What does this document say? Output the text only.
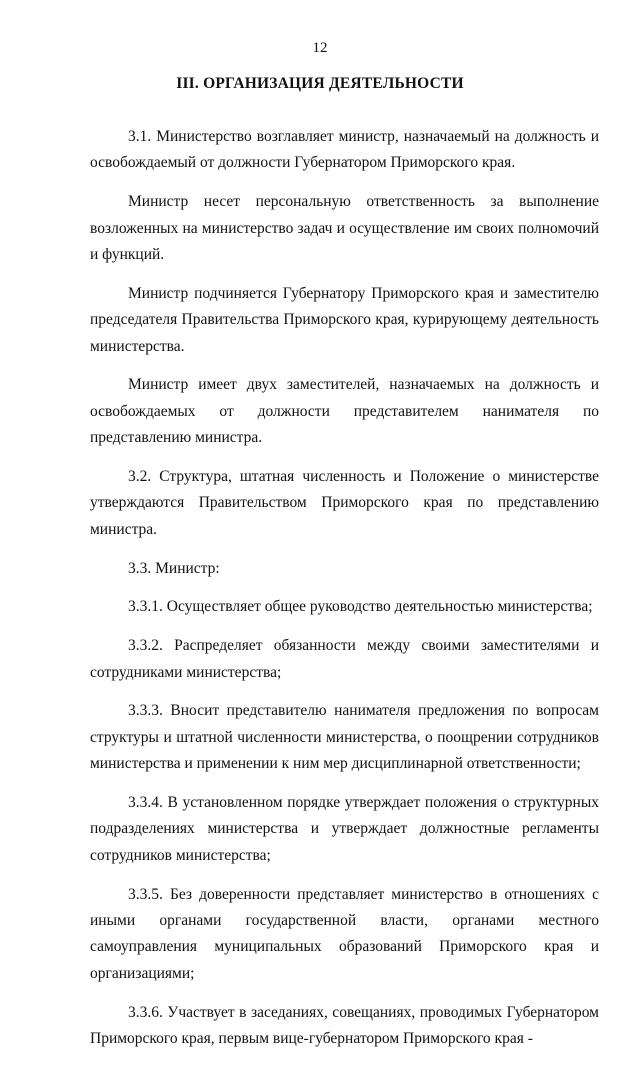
12
III. ОРГАНИЗАЦИЯ ДЕЯТЕЛЬНОСТИ

3.1. Министерство возглавляет министр, назначаемый на должность и освобождаемый от должности Губернатором Приморского края.

Министр несет персональную ответственность за выполнение возложенных на министерство задач и осуществление им своих полномочий и функций.

Министр подчиняется Губернатору Приморского края и заместителю председателя Правительства Приморского края, курирующему деятельность министерства.

Министр имеет двух заместителей, назначаемых на должность и освобождаемых от должности представителем нанимателя по представлению министра.

3.2. Структура, штатная численность и Положение о министерстве утверждаются Правительством Приморского края по представлению министра.

3.3. Министр:

3.3.1. Осуществляет общее руководство деятельностью министерства;

3.3.2. Распределяет обязанности между своими заместителями и сотрудниками министерства;

3.3.3. Вносит представителю нанимателя предложения по вопросам структуры и штатной численности министерства, о поощрении сотрудников министерства и применении к ним мер дисциплинарной ответственности;

3.3.4. В установленном порядке утверждает положения о структурных подразделениях министерства и утверждает должностные регламенты сотрудников министерства;

3.3.5. Без доверенности представляет министерство в отношениях с иными органами государственной власти, органами местного самоуправления муниципальных образований Приморского края и организациями;

3.3.6. Участвует в заседаниях, совещаниях, проводимых Губернатором Приморского края, первым вице-губернатором Приморского края -
